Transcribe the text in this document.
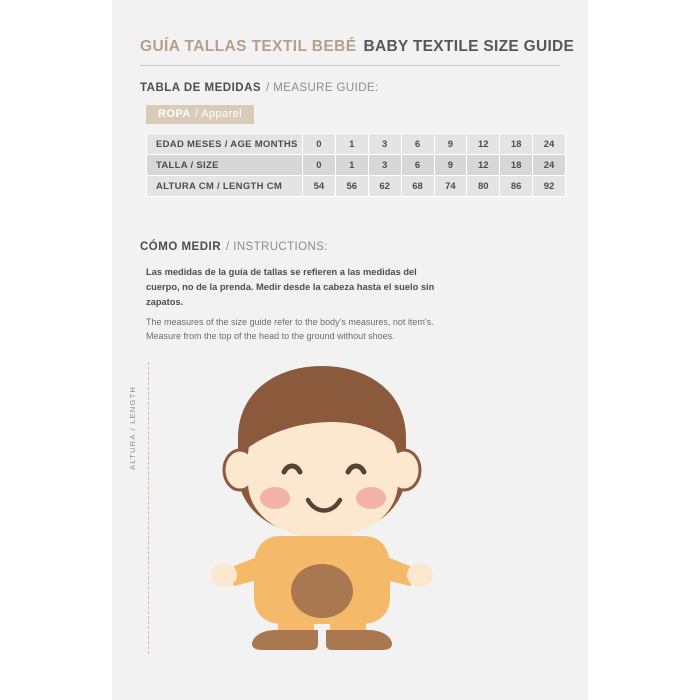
GUÍA TALLAS TEXTIL BEBÉ BABY TEXTILE SIZE GUIDE
TABLA DE MEDIDAS / MEASURE GUIDE:
ROPA / Apparel
EDAD MESES / AGE MONTHS	0	1	3	6	9	12	18	24
TALLA / SIZE	0	1	3	6	9	12	18	24
ALTURA CM / LENGTH CM	54	56	62	68	74	80	86	92
CÓMO MEDIR / INSTRUCTIONS:
Las medidas de la guía de tallas se refieren a las medidas del cuerpo, no de la prenda. Medir desde la cabeza hasta el suelo sin zapatos.
The measures of the size guide refer to the body's measures, not item's. Measure from the top of the head to the ground without shoes.
ALTURA / LENGTH
